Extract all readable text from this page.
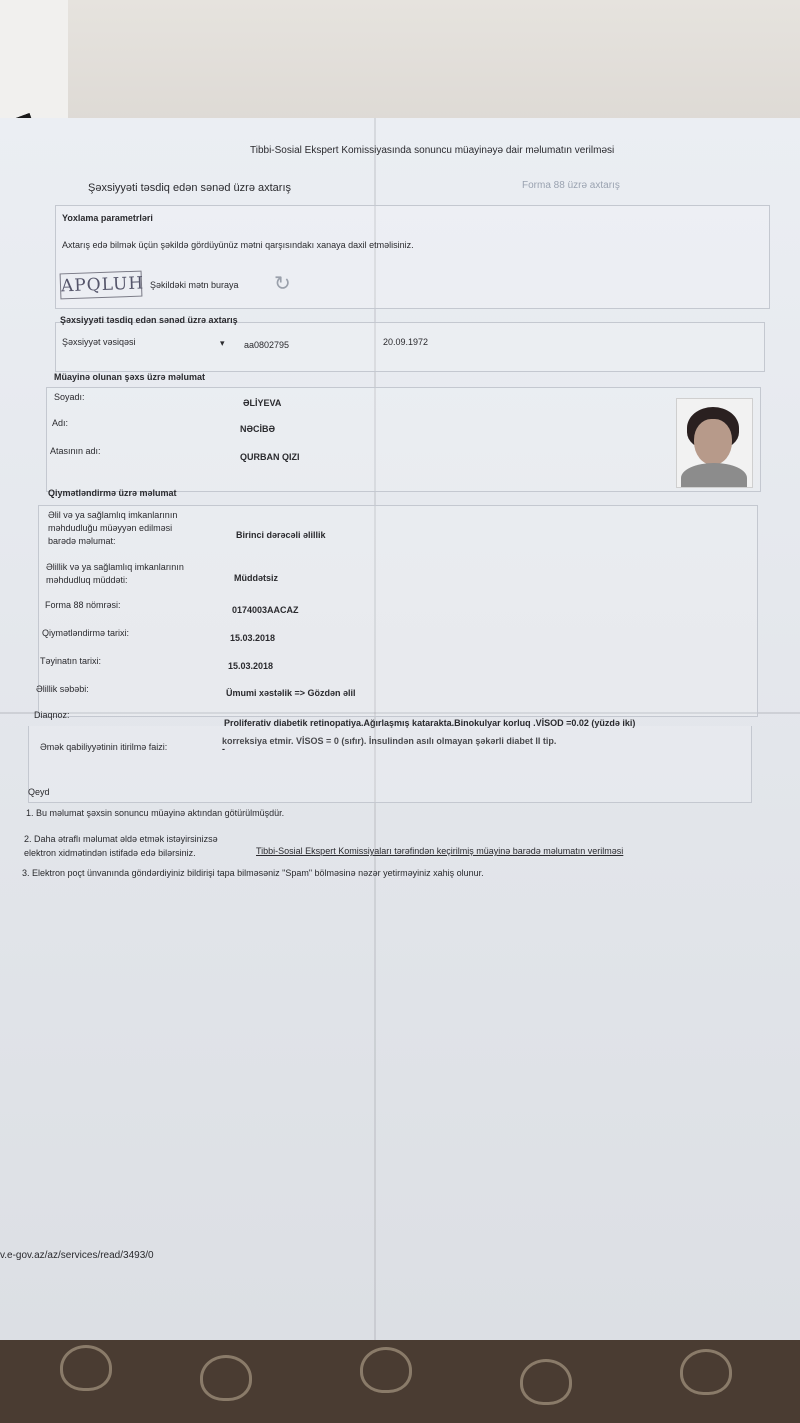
Tibbi-Sosial Ekspert Komissiyasında sonuncu müayinəyə dair məlumatın verilməsi
Şəxsiyyəti təsdiq edən sənəd üzrə axtarış	Forma 88 üzrə axtarış
Yoxlama parametrləri
Axtarış edə bilmək üçün şəkildə gördüyünüz mətni qarşısındakı xanaya daxil etməlisiniz.
APQLUH Şəkildəki mətn buraya ↻
Şəxsiyyəti təsdiq edən sənəd üzrə axtarış
Şəxsiyyət vəsiqəsi	▾ aa0802795	20.09.1972
Müayinə olunan şəxs üzrə məlumat
Soyadı:
ƏLİYEVA
Adı:
NƏCİBƏ
Atasının adı:
QURBAN QIZI
Qiymətləndirmə üzrə məlumat
Əlil və ya sağlamlıq imkanlarının
məhdudluğu müəyyən edilməsi
barədə məlumat:
Birinci dərəcəli əlillik
Əlillik və ya sağlamlıq imkanlarının
məhdudluq müddəti:	Müddətsiz
Forma 88 nömrəsi:	0174003AACAZ
Qiymətləndirmə tarixi:	15.03.2018
Təyinatın tarixi:	15.03.2018
Əlillik səbəbi:	Ümumi xəstəlik => Gözdən əlil
Diaqnoz:
Proliferativ diabetik retinopatiya.Ağırlaşmış katarakta.Binokulyar korluq .VİSOD =0.02 (yüzdə iki)
korreksiya etmir. VİSOS = 0 (sıfır). İnsulindən asılı olmayan şəkərli diabet II tip.
Əmək qabiliyyətinin itirilmə faizi:	-
Qeyd
1. Bu məlumat şəxsin sonuncu müayinə aktından götürülmüşdür.
2. Daha ətraflı məlumat əldə etmək istəyirsinizsə
Tibbi-Sosial Ekspert Komissiyaları tərəfindən keçirilmiş müayinə barədə məlumatın verilməsi
elektron xidmətindən istifadə edə bilərsiniz.
3. Elektron poçt ünvanında göndərdiyiniz bildirişi tapa bilməsəniz "Spam" bölməsinə nəzər yetirməyiniz xahiş olunur.
v.e-gov.az/az/services/read/3493/0
